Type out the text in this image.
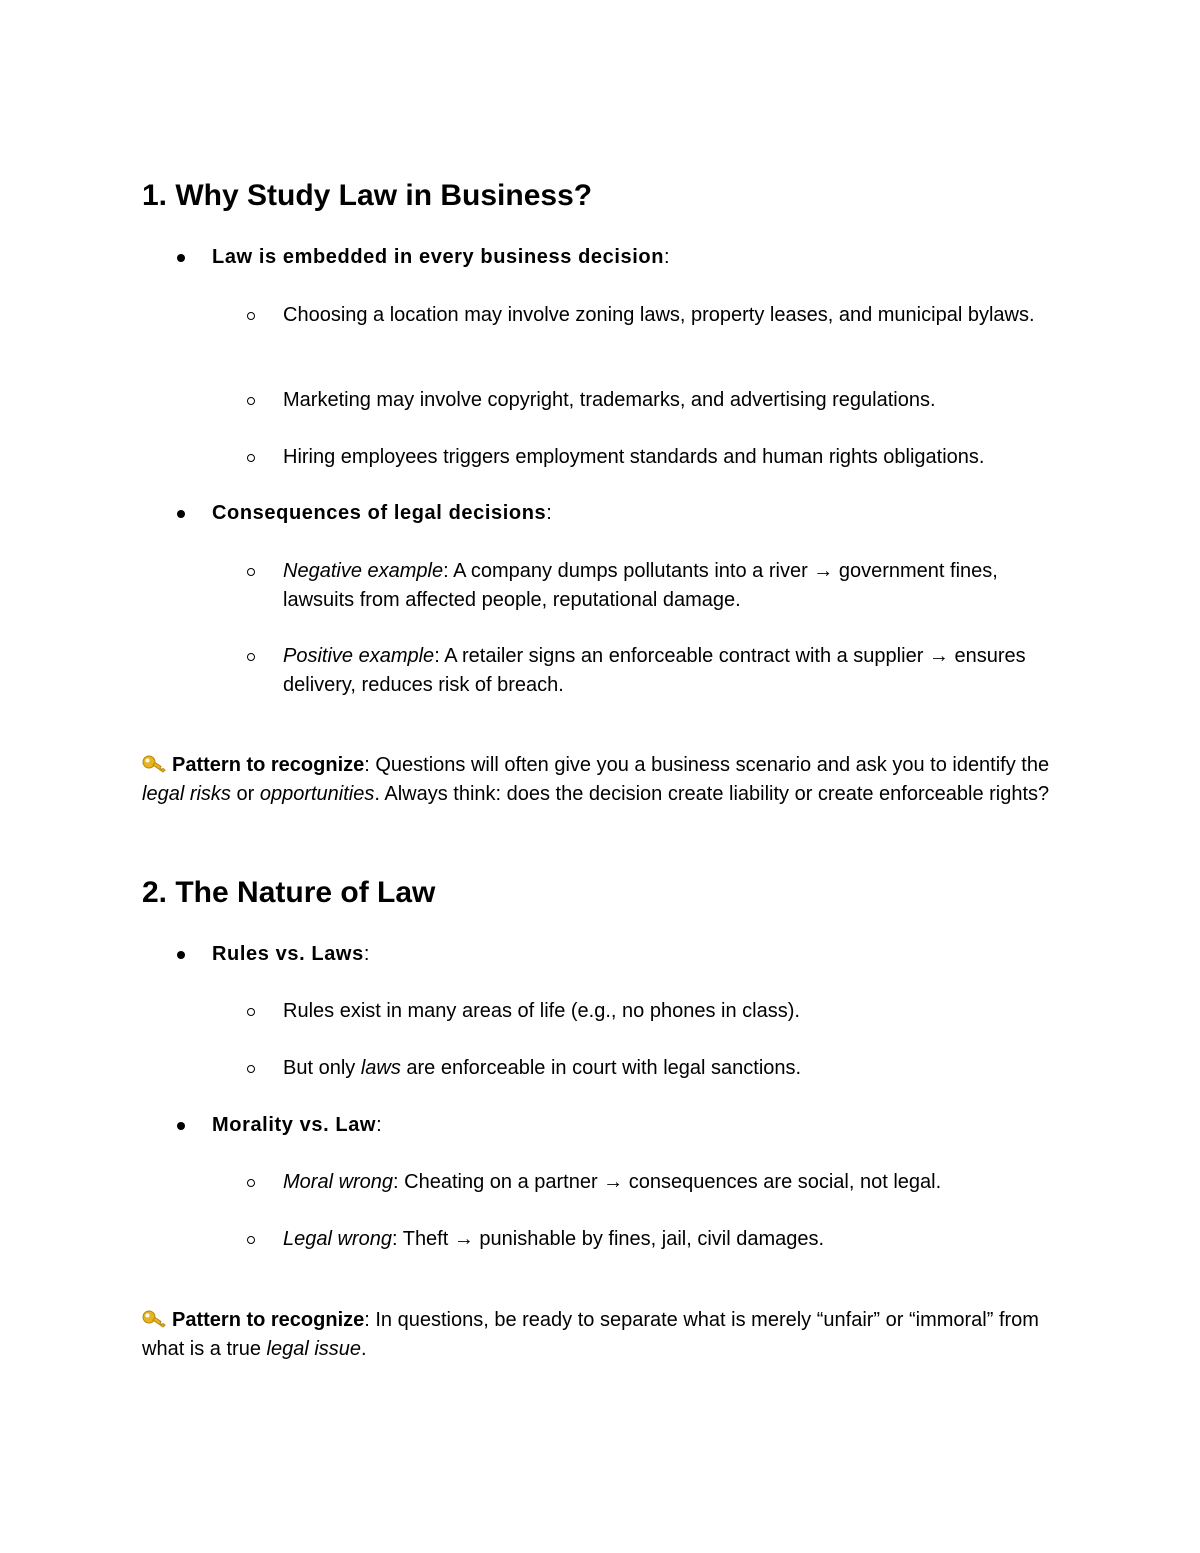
1. Why Study Law in Business?
Law is embedded in every business decision:
Choosing a location may involve zoning laws, property leases, and municipal bylaws.
Marketing may involve copyright, trademarks, and advertising regulations.
Hiring employees triggers employment standards and human rights obligations.
Consequences of legal decisions:
Negative example: A company dumps pollutants into a river → government fines, lawsuits from affected people, reputational damage.
Positive example: A retailer signs an enforceable contract with a supplier → ensures delivery, reduces risk of breach.
Pattern to recognize: Questions will often give you a business scenario and ask you to identify the legal risks or opportunities. Always think: does the decision create liability or create enforceable rights?
2. The Nature of Law
Rules vs. Laws:
Rules exist in many areas of life (e.g., no phones in class).
But only laws are enforceable in court with legal sanctions.
Morality vs. Law:
Moral wrong: Cheating on a partner → consequences are social, not legal.
Legal wrong: Theft → punishable by fines, jail, civil damages.
Pattern to recognize: In questions, be ready to separate what is merely “unfair” or “immoral” from what is a true legal issue.
